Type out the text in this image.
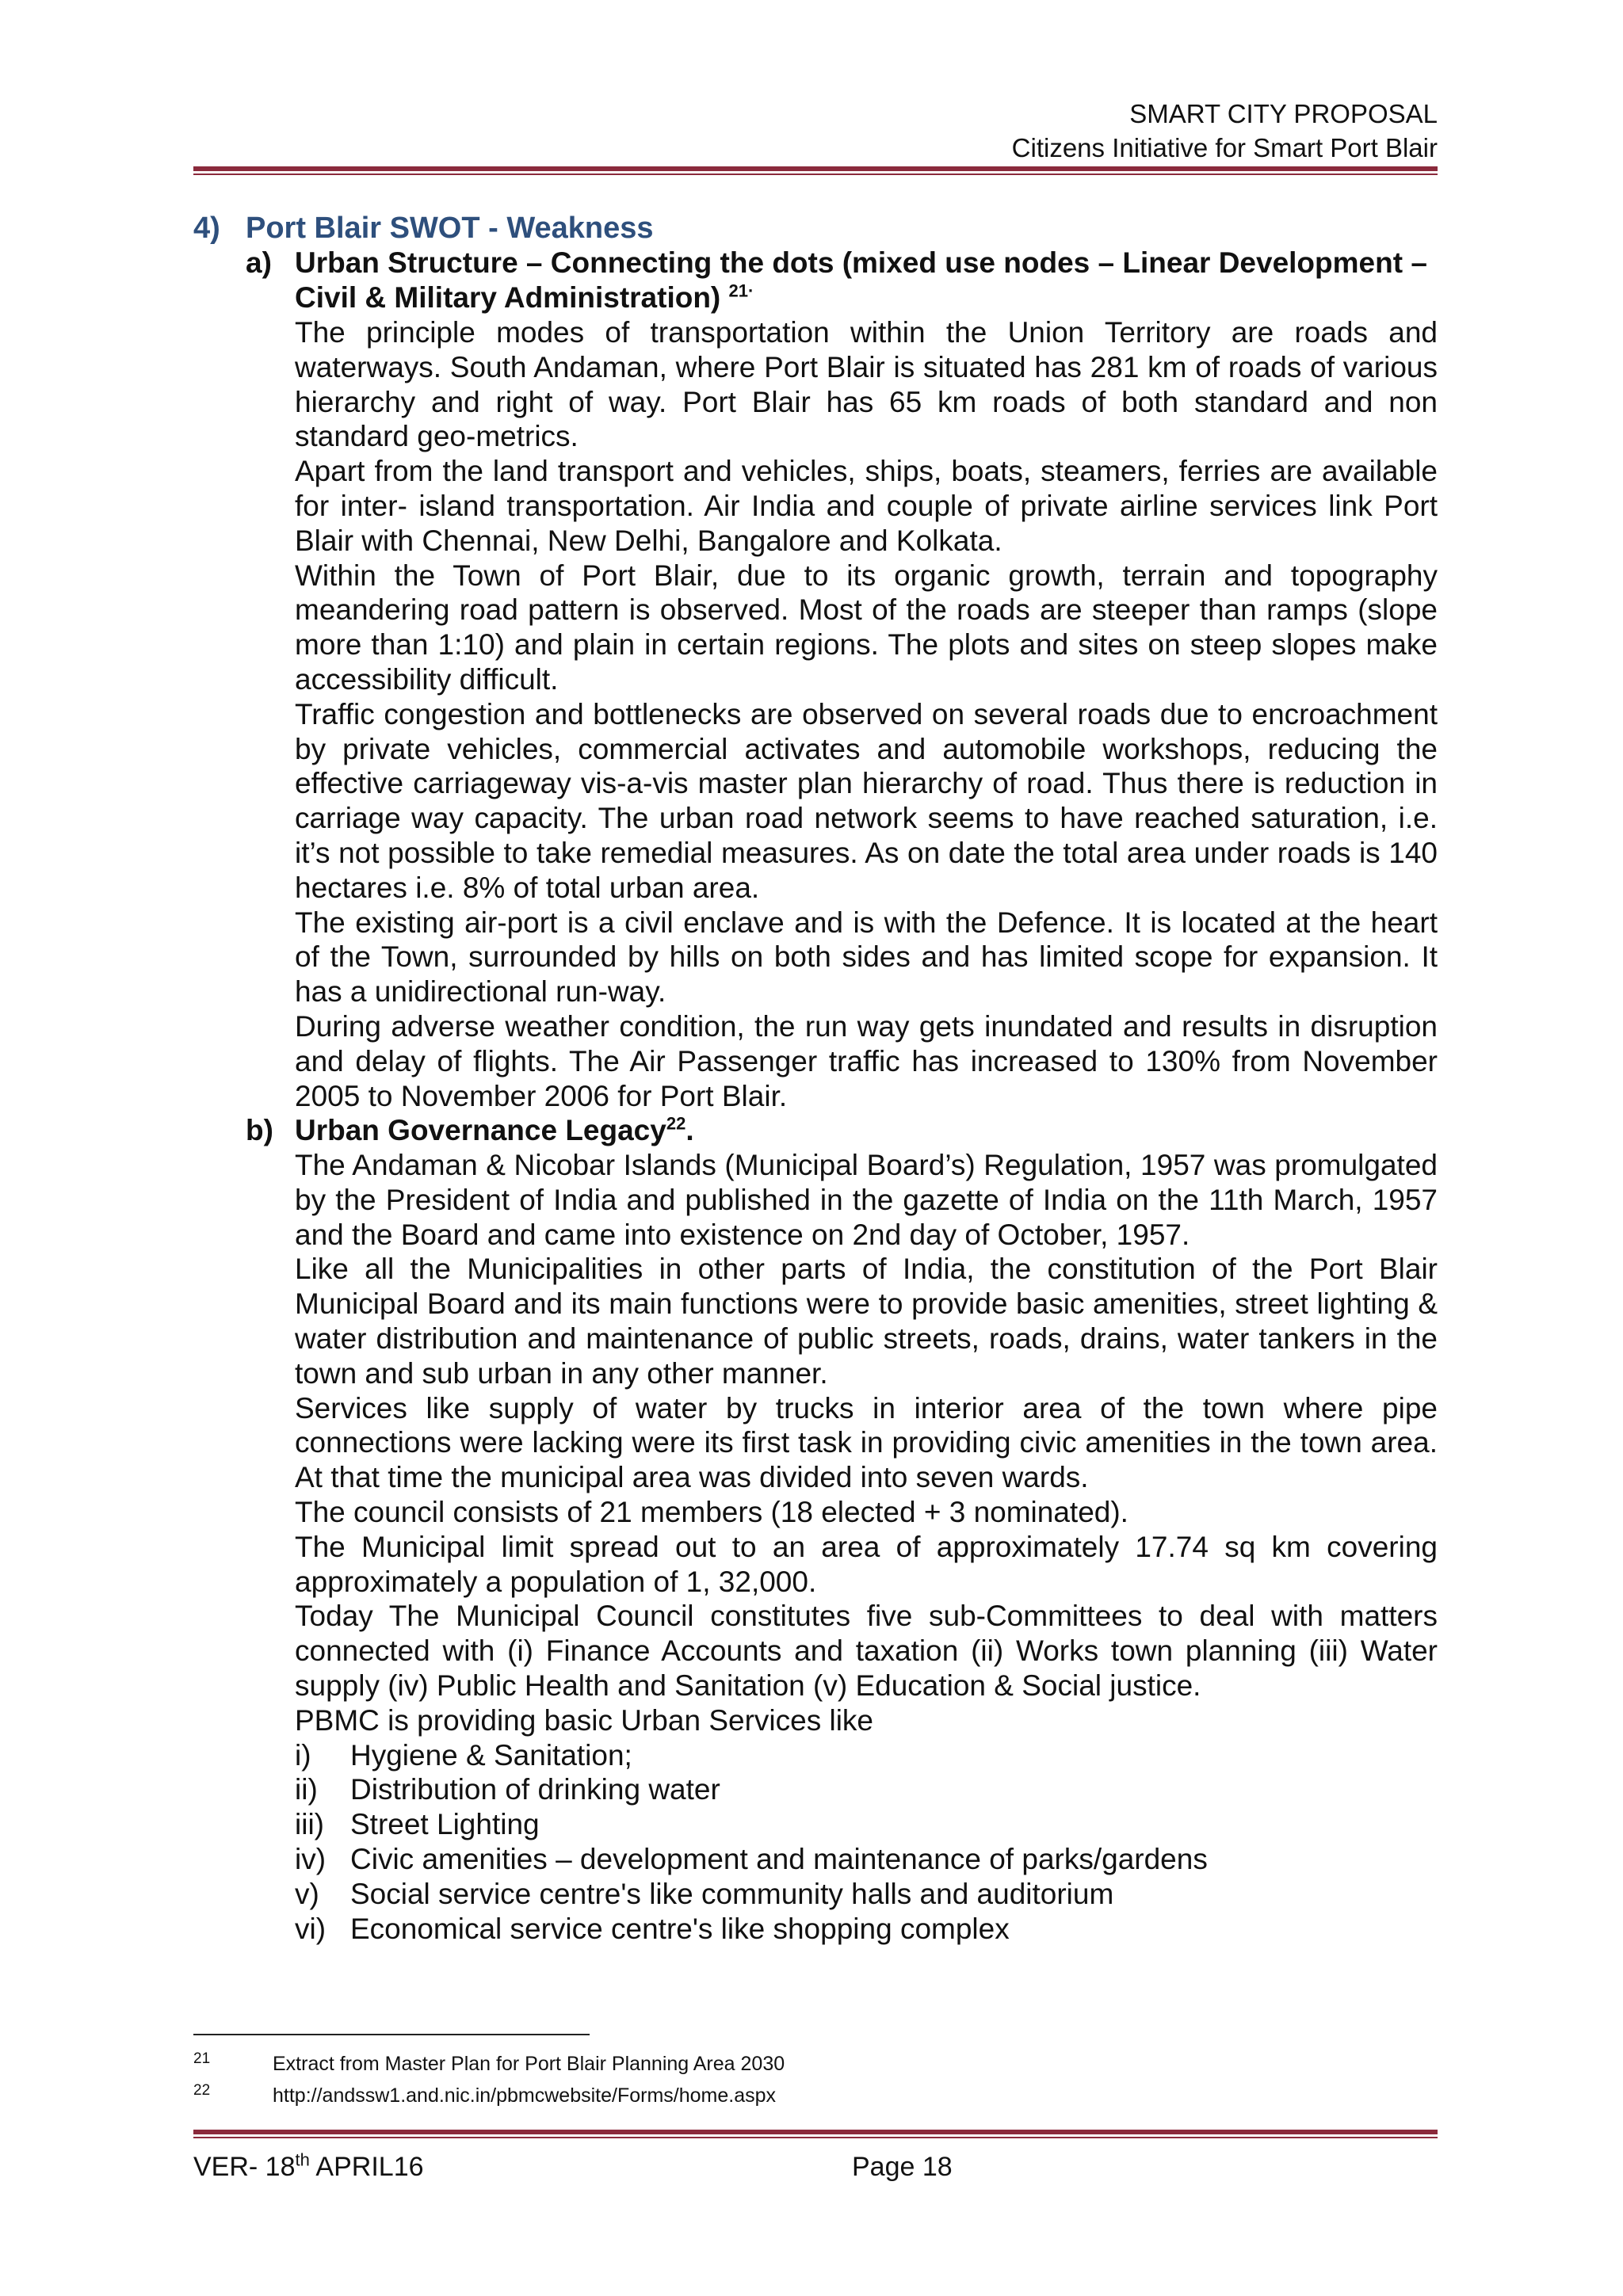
SMART CITY PROPOSAL
Citizens Initiative for Smart Port Blair
4) Port Blair SWOT - Weakness
a) Urban Structure – Connecting the dots (mixed use nodes – Linear Development – Civil & Military Administration) $^{21\cdot}$

The principle modes of transportation within the Union Territory are roads and waterways. South Andaman, where Port Blair is situated has 281 km of roads of various hierarchy and right of way. Port Blair has 65 km roads of both standard and non standard geo-metrics.

Apart from the land transport and vehicles, ships, boats, steamers, ferries are available for inter- island transportation. Air India and couple of private airline services link Port Blair with Chennai, New Delhi, Bangalore and Kolkata.

Within the Town of Port Blair, due to its organic growth, terrain and topography meandering road pattern is observed. Most of the roads are steeper than ramps (slope more than 1:10) and plain in certain regions. The plots and sites on steep slopes make accessibility difficult.

Traffic congestion and bottlenecks are observed on several roads due to encroachment by private vehicles, commercial activates and automobile workshops, reducing the effective carriageway vis-a-vis master plan hierarchy of road. Thus there is reduction in carriage way capacity. The urban road network seems to have reached saturation, i.e. it’s not possible to take remedial measures. As on date the total area under roads is 140 hectares i.e. 8% of total urban area.

The existing air-port is a civil enclave and is with the Defence. It is located at the heart of the Town, surrounded by hills on both sides and has limited scope for expansion. It has a unidirectional run-way.

During adverse weather condition, the run way gets inundated and results in disruption and delay of flights. The Air Passenger traffic has increased to 130% from November 2005 to November 2006 for Port Blair.

b) Urban Governance Legacy$^{22}$.

The Andaman & Nicobar Islands (Municipal Board’s) Regulation, 1957 was promulgated by the President of India and published in the gazette of India on the 11th March, 1957 and the Board and came into existence on 2nd day of October, 1957.

Like all the Municipalities in other parts of India, the constitution of the Port Blair Municipal Board and its main functions were to provide basic amenities, street lighting & water distribution and maintenance of public streets, roads, drains, water tankers in the town and sub urban in any other manner.

Services like supply of water by trucks in interior area of the town where pipe connections were lacking were its first task in providing civic amenities in the town area. At that time the municipal area was divided into seven wards.

The council consists of 21 members (18 elected + 3 nominated).

The Municipal limit spread out to an area of approximately 17.74 sq km covering approximately a population of 1, 32,000.

Today The Municipal Council constitutes five sub-Committees to deal with matters connected with (i) Finance Accounts and taxation (ii) Works town planning (iii) Water supply (iv) Public Health and Sanitation (v) Education & Social justice.

PBMC is providing basic Urban Services like

i) Hygiene & Sanitation;

ii) Distribution of drinking water

iii) Street Lighting

iv) Civic amenities – development and maintenance of parks/gardens

v) Social service centre's like community halls and auditorium

vi) Economical service centre's like shopping complex

21	Extract from Master Plan for Port Blair Planning Area 2030
22	http://andssw1.and.nic.in/pbmcwebsite/Forms/home.aspx
VER- 18th APRIL16	Page 18
